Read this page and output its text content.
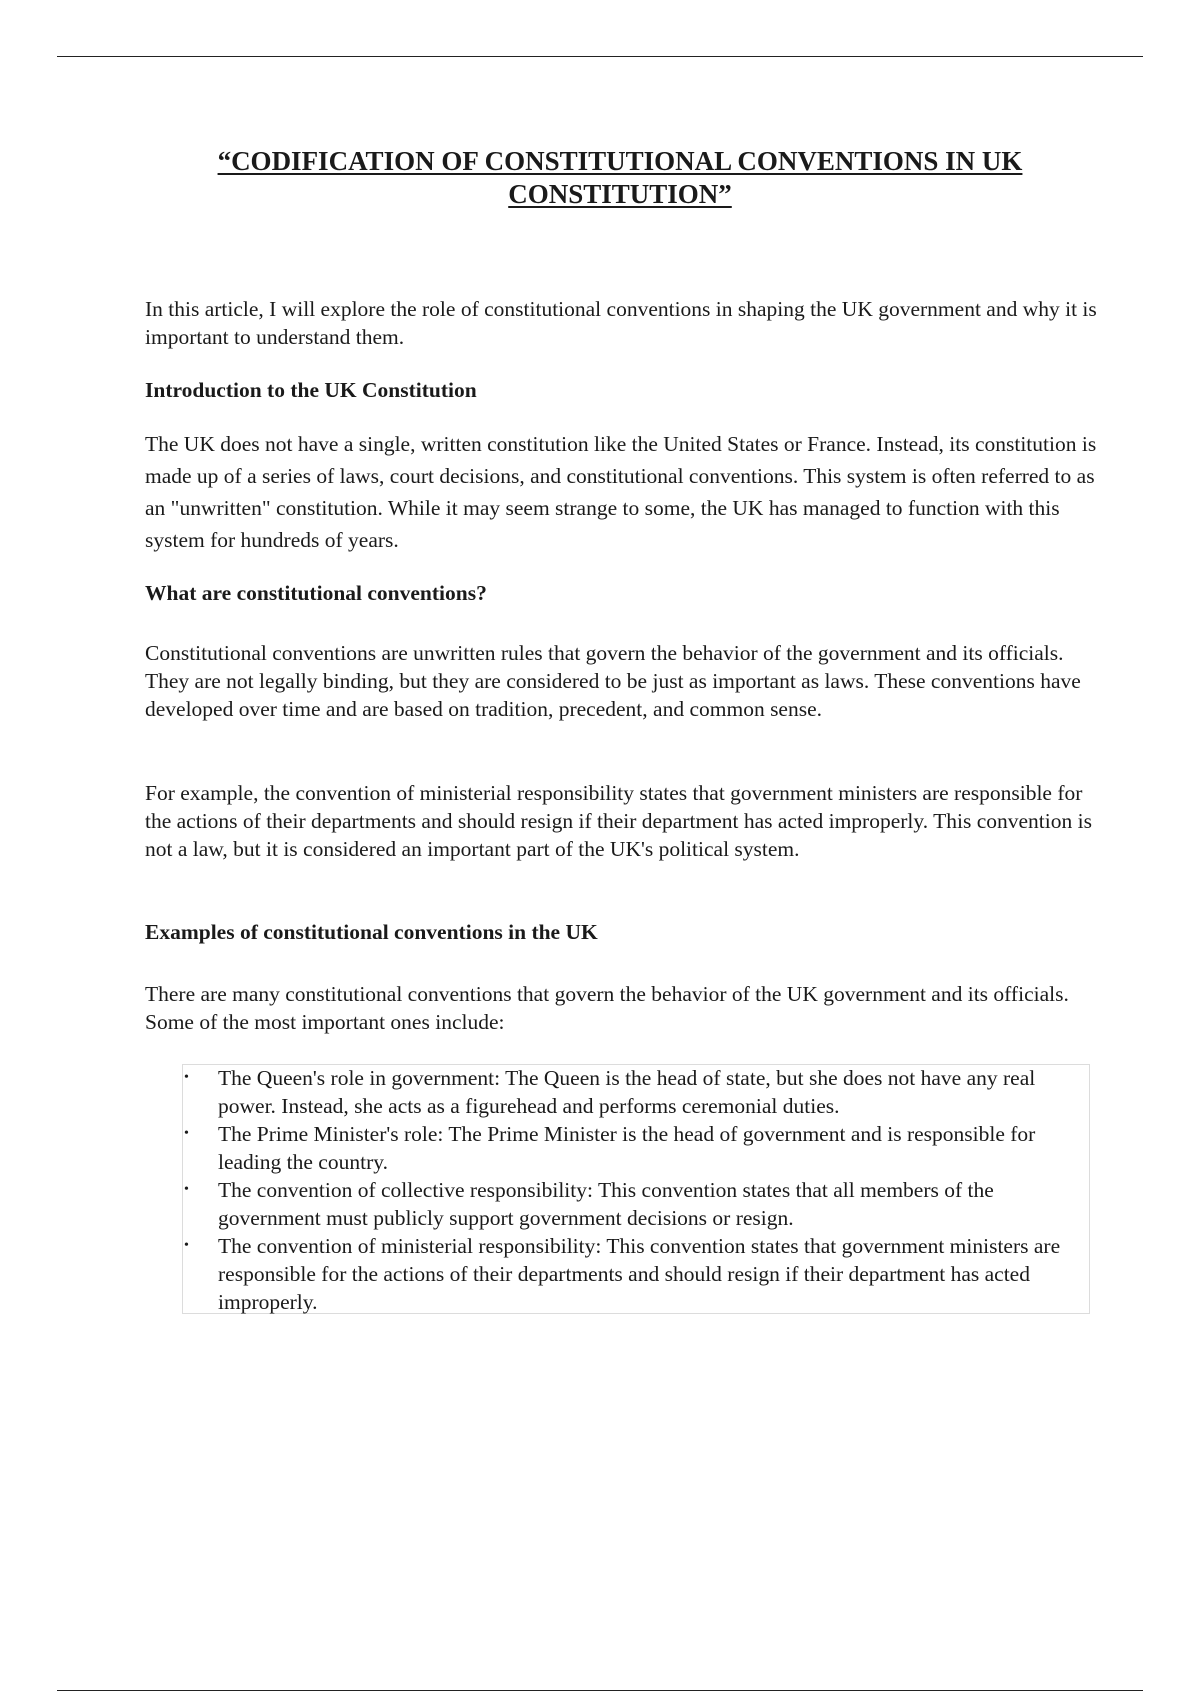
“CODIFICATION OF CONSTITUTIONAL CONVENTIONS IN UK CONSTITUTION”

In this article, I will explore the role of constitutional conventions in shaping the UK government and why it is important to understand them.

Introduction to the UK Constitution

The UK does not have a single, written constitution like the United States or France. Instead, its constitution is made up of a series of laws, court decisions, and constitutional conventions. This system is often referred to as an "unwritten" constitution. While it may seem strange to some, the UK has managed to function with this system for hundreds of years.

What are constitutional conventions?

Constitutional conventions are unwritten rules that govern the behavior of the government and its officials. They are not legally binding, but they are considered to be just as important as laws. These conventions have developed over time and are based on tradition, precedent, and common sense.

For example, the convention of ministerial responsibility states that government ministers are responsible for the actions of their departments and should resign if their department has acted improperly. This convention is not a law, but it is considered an important part of the UK's political system.

Examples of constitutional conventions in the UK

There are many constitutional conventions that govern the behavior of the UK government and its officials. Some of the most important ones include:

• The Queen's role in government: The Queen is the head of state, but she does not have any real power. Instead, she acts as a figurehead and performs ceremonial duties.
• The Prime Minister's role: The Prime Minister is the head of government and is responsible for leading the country.
• The convention of collective responsibility: This convention states that all members of the government must publicly support government decisions or resign.
• The convention of ministerial responsibility: This convention states that government ministers are responsible for the actions of their departments and should resign if their department has acted improperly.
